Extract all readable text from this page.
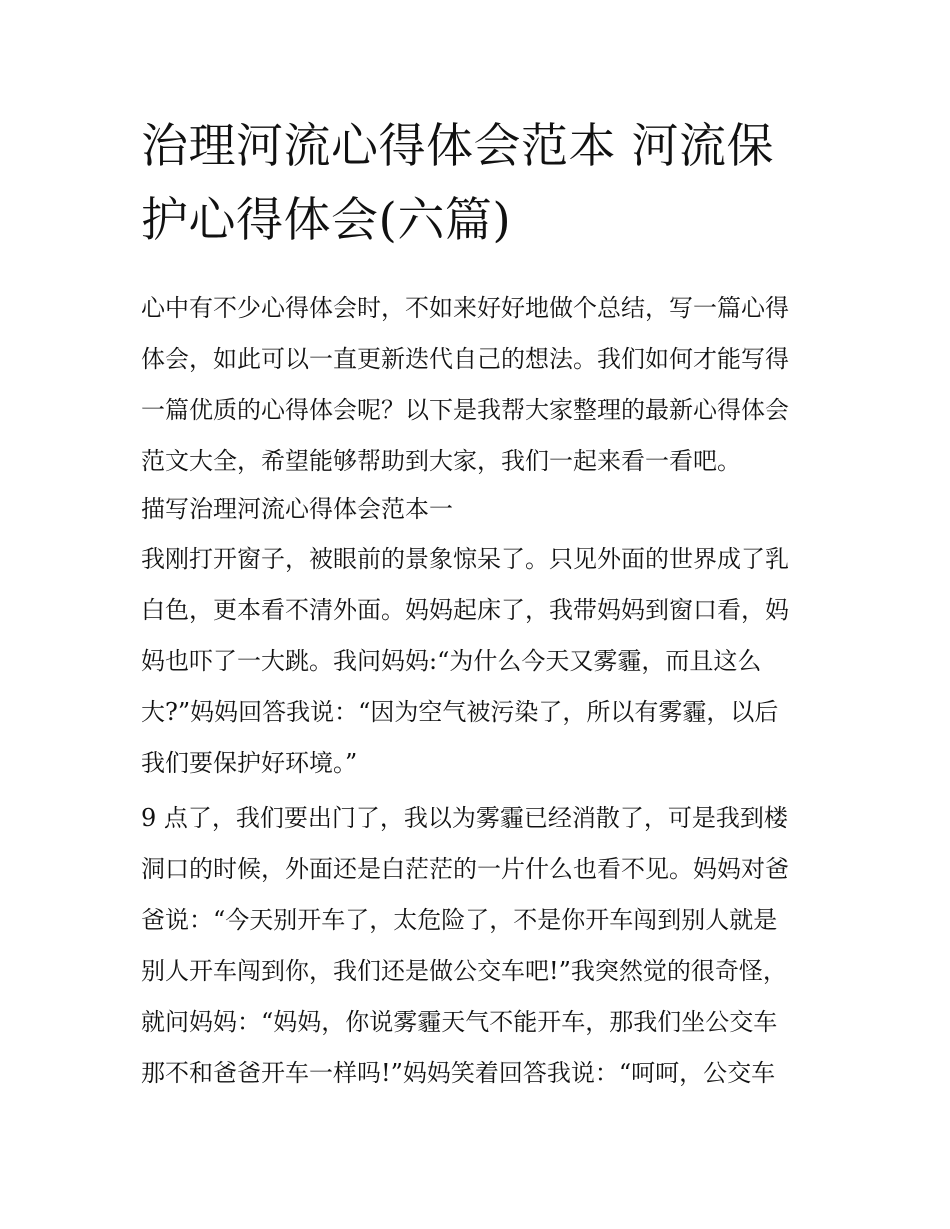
治理河流心得体会范本 河流保
护心得体会(六篇)
心中有不少心得体会时，不如来好好地做个总结，写一篇心得
体会，如此可以一直更新迭代自己的想法。我们如何才能写得
一篇优质的心得体会呢？以下是我帮大家整理的最新心得体会
范文大全，希望能够帮助到大家，我们一起来看一看吧。
描写治理河流心得体会范本一
我刚打开窗子，被眼前的景象惊呆了。只见外面的世界成了乳
白色，更本看不清外面。妈妈起床了，我带妈妈到窗口看，妈
妈也吓了一大跳。我问妈妈:“为什么今天又雾霾，而且这么
大?”妈妈回答我说：“因为空气被污染了，所以有雾霾，以后
我们要保护好环境。”
9 点了，我们要出门了，我以为雾霾已经消散了，可是我到楼
洞口的时候，外面还是白茫茫的一片什么也看不见。妈妈对爸
爸说：“今天别开车了，太危险了，不是你开车闯到别人就是
别人开车闯到你，我们还是做公交车吧!”我突然觉的很奇怪，
就问妈妈：“妈妈，你说雾霾天气不能开车，那我们坐公交车
那不和爸爸开车一样吗!”妈妈笑着回答我说：“呵呵，公交车
